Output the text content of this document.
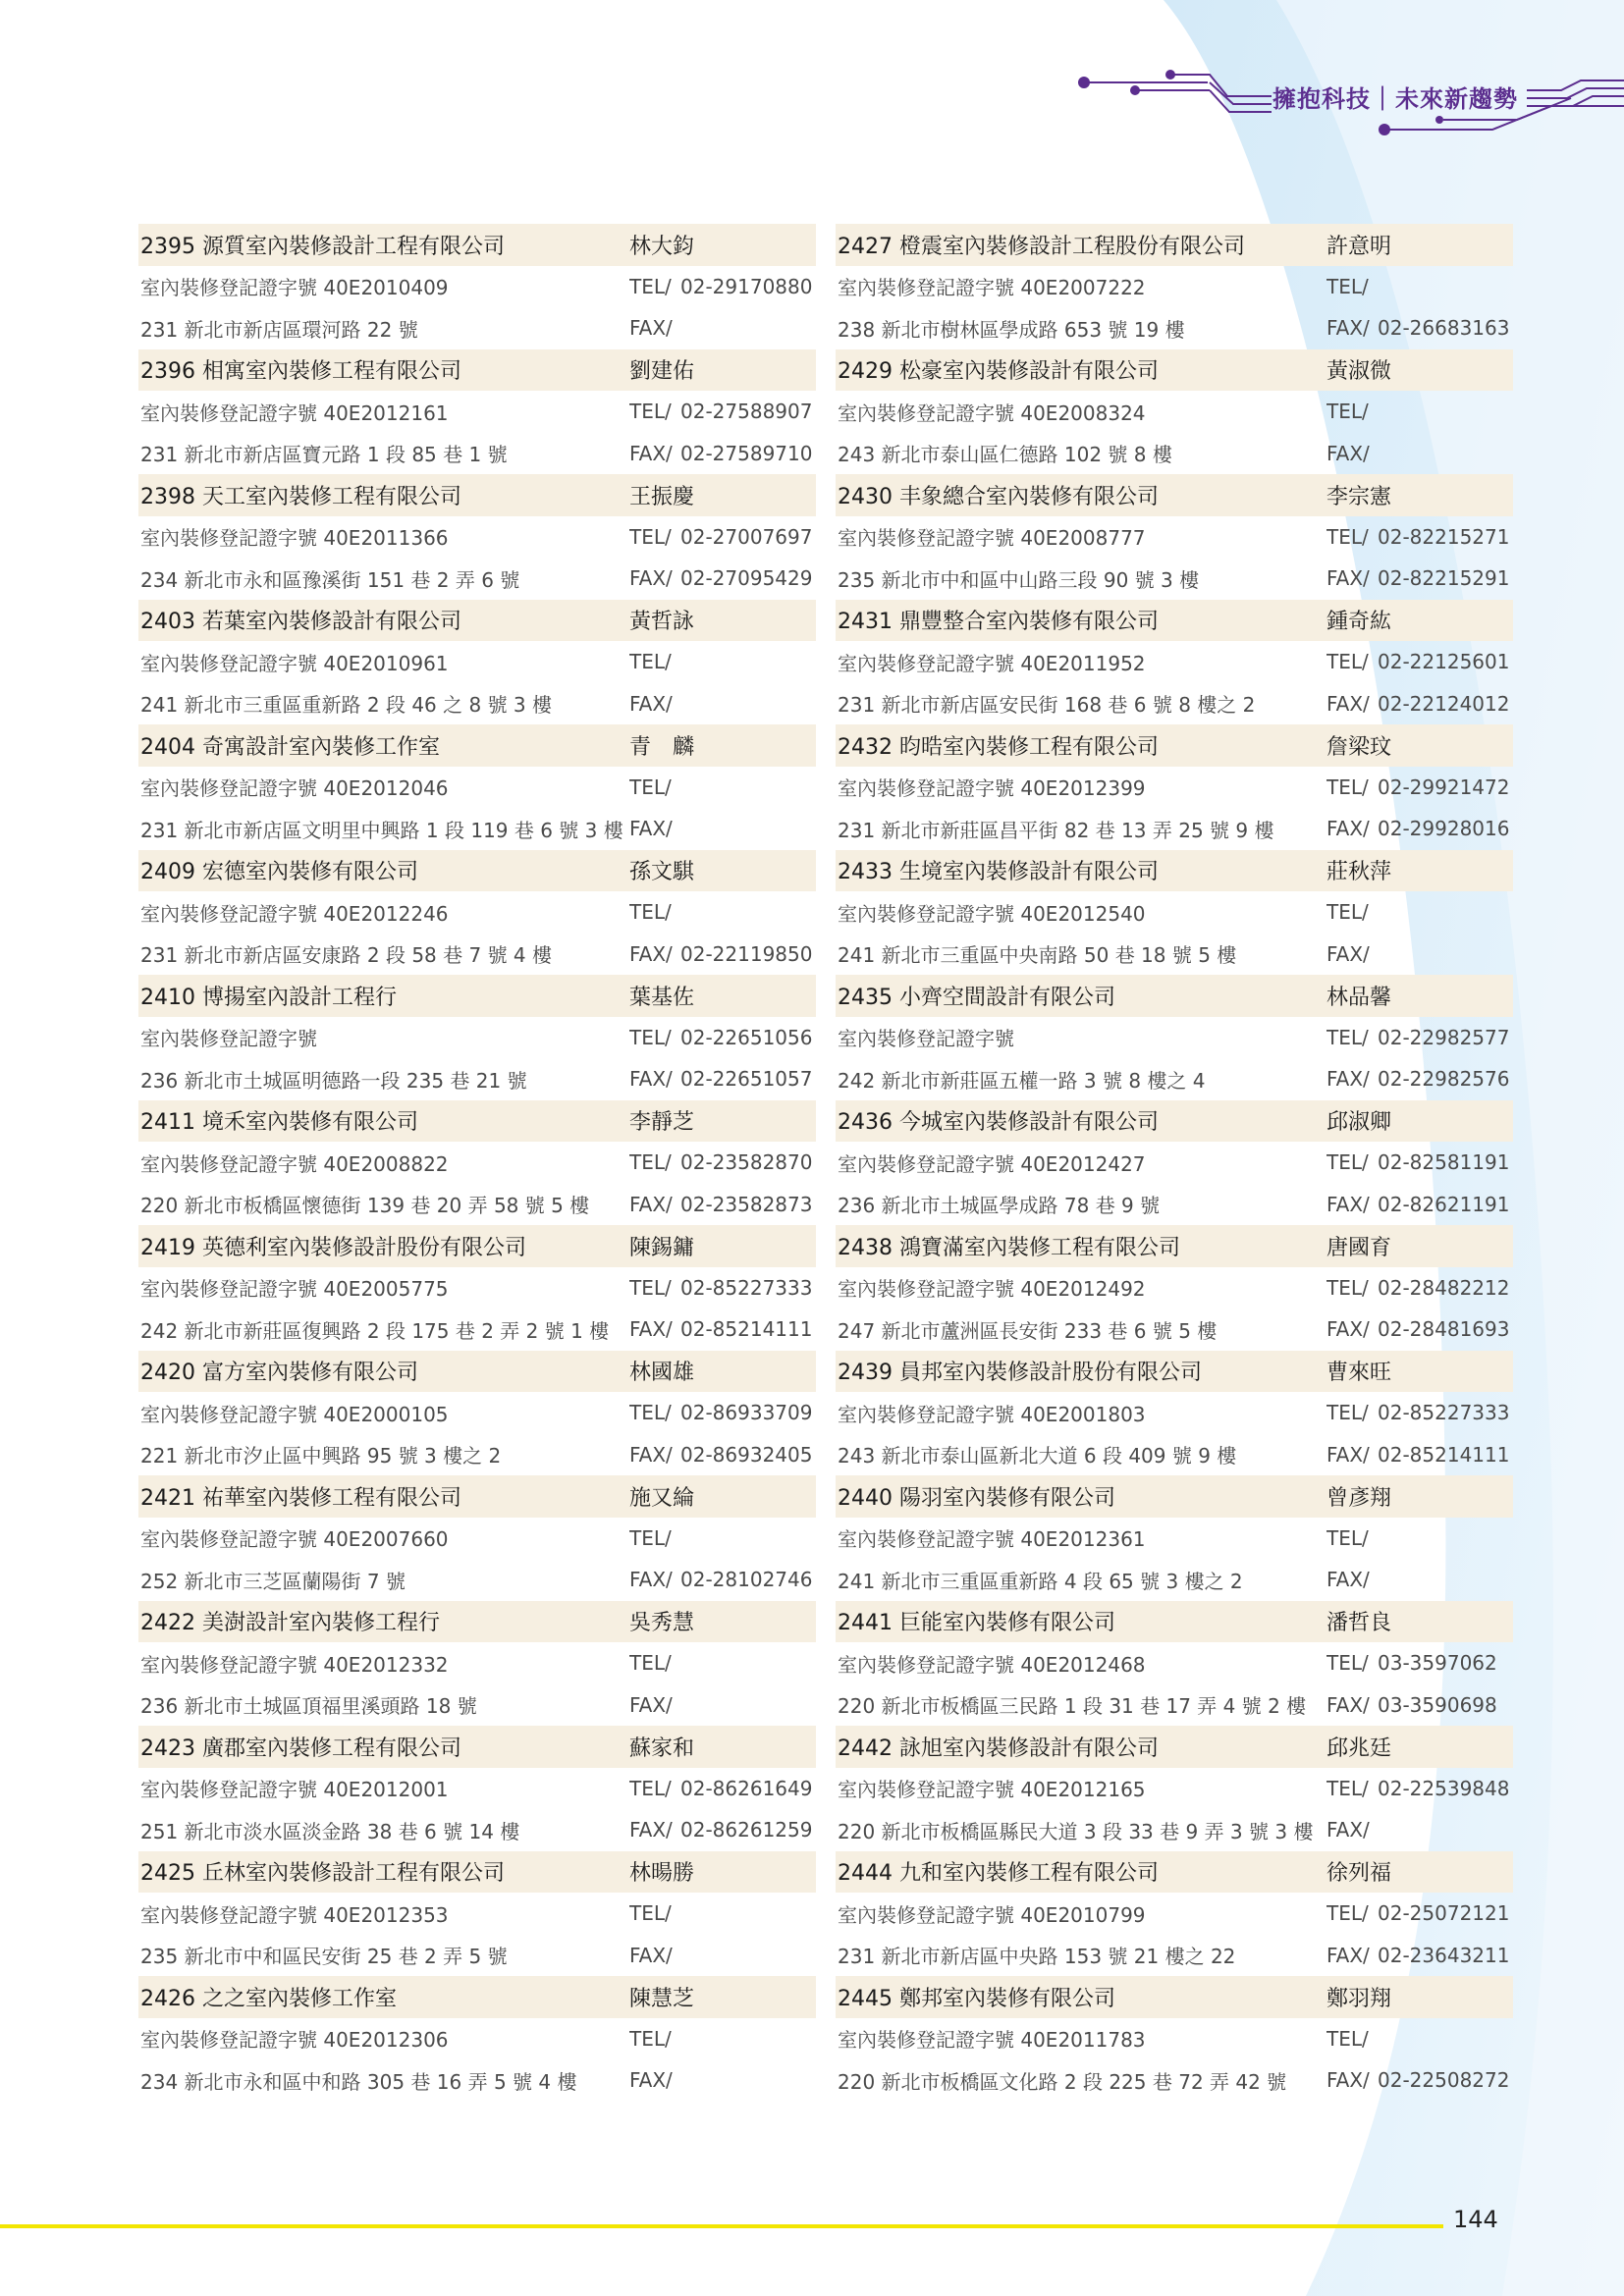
擁抱科技｜未來新趨勢
2395 源質室內裝修設計工程有限公司	林大鈞
室內裝修登記證字號 40E2010409	TEL/ 02-29170880
231 新北市新店區環河路 22 號	FAX/
2396 相寓室內裝修工程有限公司	劉建佑
室內裝修登記證字號 40E2012161	TEL/ 02-27588907
231 新北市新店區寶元路 1 段 85 巷 1 號	FAX/ 02-27589710
2398 天工室內裝修工程有限公司	王振慶
室內裝修登記證字號 40E2011366	TEL/ 02-27007697
234 新北市永和區豫溪街 151 巷 2 弄 6 號	FAX/ 02-27095429
2403 若葉室內裝修設計有限公司	黃哲詠
室內裝修登記證字號 40E2010961	TEL/
241 新北市三重區重新路 2 段 46 之 8 號 3 樓	FAX/
2404 奇寓設計室內裝修工作室	青　麟
室內裝修登記證字號 40E2012046	TEL/
231 新北市新店區文明里中興路 1 段 119 巷 6 號 3 樓 FAX/
2409 宏德室內裝修有限公司	孫文騏
室內裝修登記證字號 40E2012246	TEL/
231 新北市新店區安康路 2 段 58 巷 7 號 4 樓	FAX/ 02-22119850
2410 博揚室內設計工程行	葉基佐
室內裝修登記證字號	TEL/ 02-22651056
236 新北市土城區明德路一段 235 巷 21 號	FAX/ 02-22651057
2411 境禾室內裝修有限公司	李靜芝
室內裝修登記證字號 40E2008822	TEL/ 02-23582870
220 新北市板橋區懷德街 139 巷 20 弄 58 號 5 樓	FAX/ 02-23582873
2419 英德利室內裝修設計股份有限公司	陳錫鏞
室內裝修登記證字號 40E2005775	TEL/ 02-85227333
242 新北市新莊區復興路 2 段 175 巷 2 弄 2 號 1 樓	FAX/ 02-85214111
2420 富方室內裝修有限公司	林國雄
室內裝修登記證字號 40E2000105	TEL/ 02-86933709
221 新北市汐止區中興路 95 號 3 樓之 2	FAX/ 02-86932405
2421 祐華室內裝修工程有限公司	施又綸
室內裝修登記證字號 40E2007660	TEL/
252 新北市三芝區蘭陽街 7 號	FAX/ 02-28102746
2422 美澍設計室內裝修工程行	吳秀慧
室內裝修登記證字號 40E2012332	TEL/
236 新北市土城區頂福里溪頭路 18 號	FAX/
2423 廣郡室內裝修工程有限公司	蘇家和
室內裝修登記證字號 40E2012001	TEL/ 02-86261649
251 新北市淡水區淡金路 38 巷 6 號 14 樓	FAX/ 02-86261259
2425 丘林室內裝修設計工程有限公司	林暘勝
室內裝修登記證字號 40E2012353	TEL/
235 新北市中和區民安街 25 巷 2 弄 5 號	FAX/
2426 之之室內裝修工作室	陳慧芝
室內裝修登記證字號 40E2012306	TEL/
234 新北市永和區中和路 305 巷 16 弄 5 號 4 樓	FAX/
2427 橙震室內裝修設計工程股份有限公司	許意明
室內裝修登記證字號 40E2007222	TEL/
238 新北市樹林區學成路 653 號 19 樓	FAX/ 02-26683163
2429 松豪室內裝修設計有限公司	黃淑微
室內裝修登記證字號 40E2008324	TEL/
243 新北市泰山區仁德路 102 號 8 樓	FAX/
2430 丰象總合室內裝修有限公司	李宗憲
室內裝修登記證字號 40E2008777	TEL/ 02-82215271
235 新北市中和區中山路三段 90 號 3 樓	FAX/ 02-82215291
2431 鼎豐整合室內裝修有限公司	鍾奇紘
室內裝修登記證字號 40E2011952	TEL/ 02-22125601
231 新北市新店區安民街 168 巷 6 號 8 樓之 2	FAX/ 02-22124012
2432 昀晧室內裝修工程有限公司	詹梁玟
室內裝修登記證字號 40E2012399	TEL/ 02-29921472
231 新北市新莊區昌平街 82 巷 13 弄 25 號 9 樓	FAX/ 02-29928016
2433 生境室內裝修設計有限公司	莊秋萍
室內裝修登記證字號 40E2012540	TEL/
241 新北市三重區中央南路 50 巷 18 號 5 樓	FAX/
2435 小齊空間設計有限公司	林品馨
室內裝修登記證字號	TEL/ 02-22982577
242 新北市新莊區五權一路 3 號 8 樓之 4	FAX/ 02-22982576
2436 今城室內裝修設計有限公司	邱淑卿
室內裝修登記證字號 40E2012427	TEL/ 02-82581191
236 新北市土城區學成路 78 巷 9 號	FAX/ 02-82621191
2438 鴻寶滿室內裝修工程有限公司	唐國育
室內裝修登記證字號 40E2012492	TEL/ 02-28482212
247 新北市蘆洲區長安街 233 巷 6 號 5 樓	FAX/ 02-28481693
2439 員邦室內裝修設計股份有限公司	曹來旺
室內裝修登記證字號 40E2001803	TEL/ 02-85227333
243 新北市泰山區新北大道 6 段 409 號 9 樓	FAX/ 02-85214111
2440 陽羽室內裝修有限公司	曾彥翔
室內裝修登記證字號 40E2012361	TEL/
241 新北市三重區重新路 4 段 65 號 3 樓之 2	FAX/
2441 巨能室內裝修有限公司	潘哲良
室內裝修登記證字號 40E2012468	TEL/ 03-3597062
220 新北市板橋區三民路 1 段 31 巷 17 弄 4 號 2 樓	FAX/ 03-3590698
2442 詠旭室內裝修設計有限公司	邱兆廷
室內裝修登記證字號 40E2012165	TEL/ 02-22539848
220 新北市板橋區縣民大道 3 段 33 巷 9 弄 3 號 3 樓 FAX/
2444 九和室內裝修工程有限公司	徐列福
室內裝修登記證字號 40E2010799	TEL/ 02-25072121
231 新北市新店區中央路 153 號 21 樓之 22	FAX/ 02-23643211
2445 鄭邦室內裝修有限公司	鄭羽翔
室內裝修登記證字號 40E2011783	TEL/
220 新北市板橋區文化路 2 段 225 巷 72 弄 42 號	FAX/ 02-22508272
144
